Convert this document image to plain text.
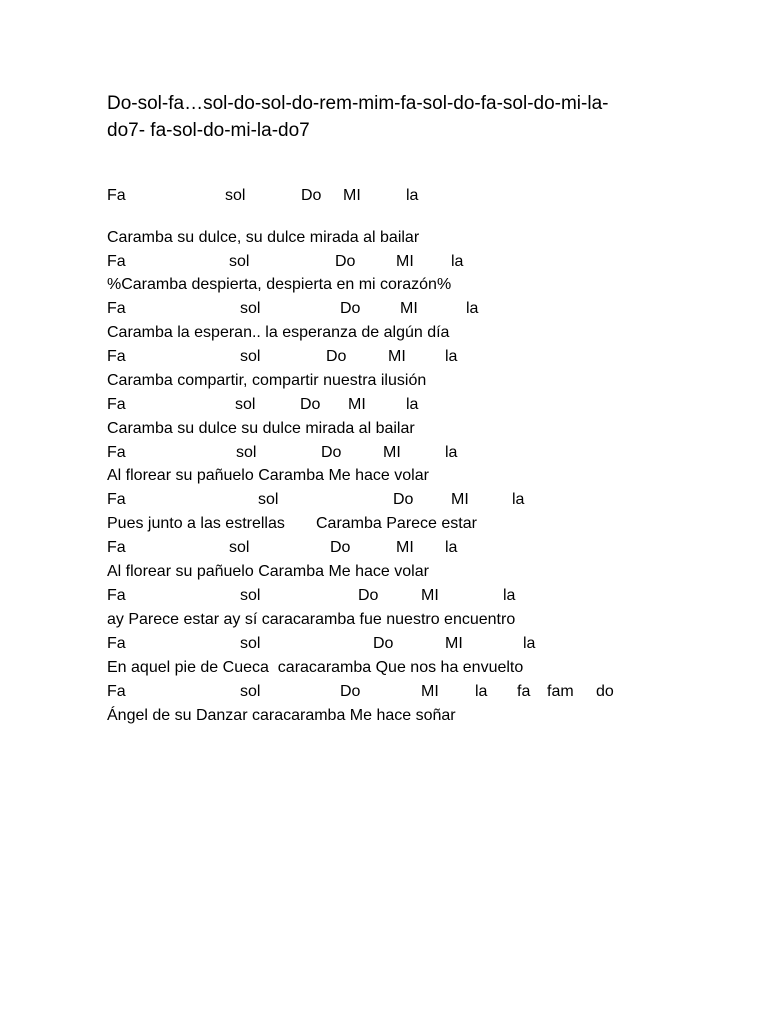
Do-sol-fa…sol-do-sol-do-rem-mim-fa-sol-do-fa-sol-do-mi-la-
do7- fa-sol-do-mi-la-do7
Fa	sol	Do MI	la
Caramba su dulce, su dulce mirada al bailar
Fa	sol	Do	MI la
%Caramba despierta, despierta en mi corazón%
Fa	sol	Do MI	la
Caramba la esperan.. la esperanza de algún día
Fa	sol	Do	MI la
Caramba compartir, compartir nuestra ilusión
Fa	sol	Do MI	la
Caramba su dulce su dulce mirada al bailar
Fa	sol	Do	MI	la
Al florear su pañuelo Caramba Me hace volar
Fa	sol	Do MI	la
Pues junto a las estrellas       Caramba Parece estar
Fa	sol	Do	MI la
Al florear su pañuelo Caramba Me hace volar
Fa	sol	Do	MI	la
ay Parece estar ay sí caracaramba fue nuestro encuentro
Fa	sol	Do	MI	la
En aquel pie de Cueca  caracaramba Que nos ha envuelto
Fa	sol	Do	MI la fa fam do
Ángel de su Danzar caracaramba Me hace soñar
